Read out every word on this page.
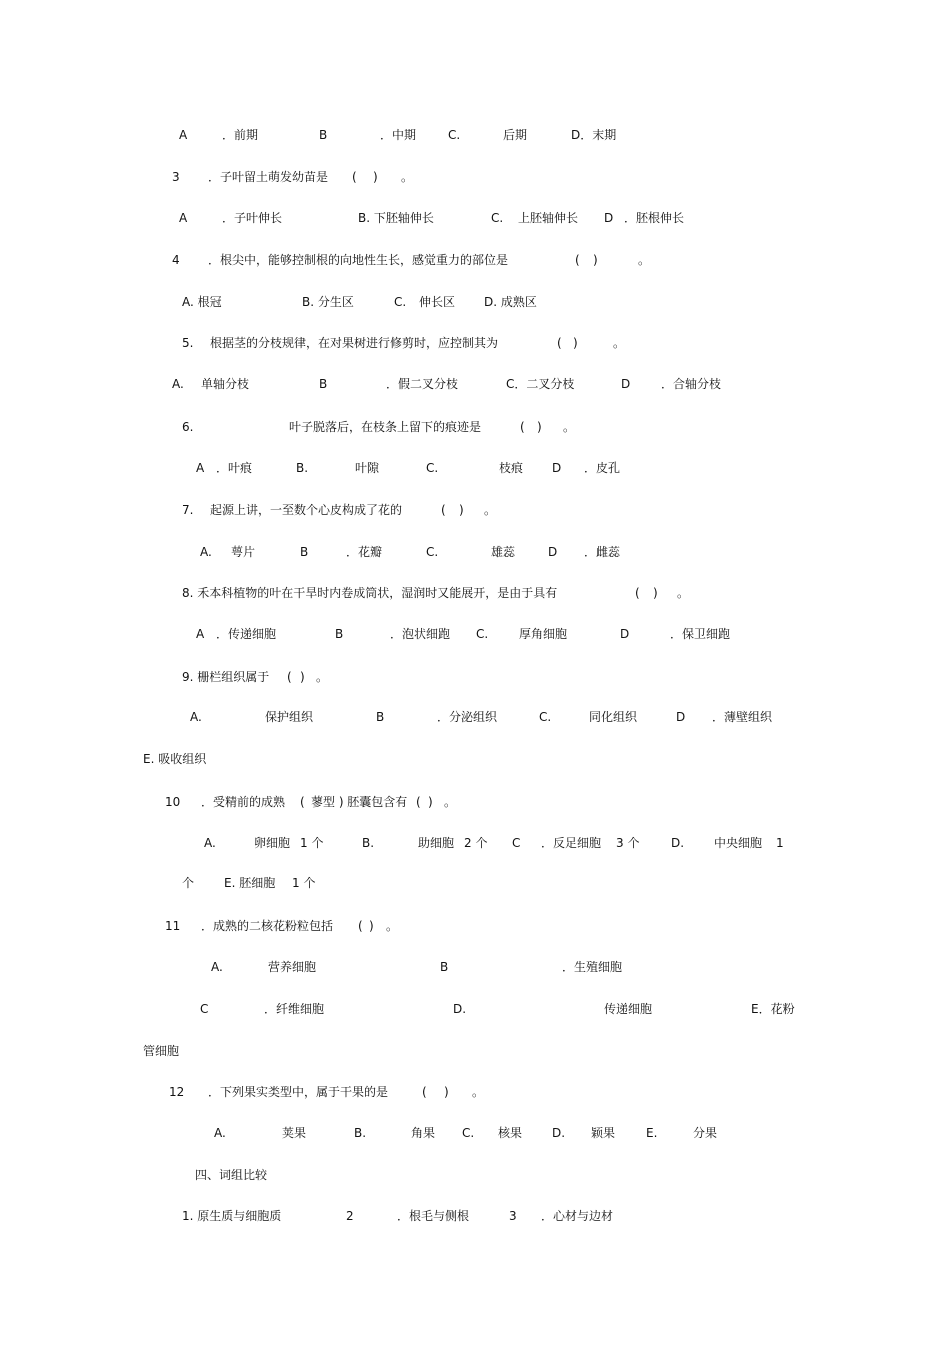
A	．前期	B	．中期	C.	后期	D．末期
3 ．子叶留土萌发幼苗是 ( ) 。
A	．子叶伸长	B. 下胚轴伸长	C. 上胚轴伸长 D ．胚根伸长
4 ．根尖中，能够控制根的向地性生长，感觉重力的部位是	( )	。
A. 根冠	B. 分生区	C. 伸长区 D. 成熟区
5. 根据茎的分枝规律，在对果树进行修剪时，应控制其为	( )	。
A. 单轴分枝	B	．假二叉分枝	C．二叉分枝	D	．合轴分枝
6.	叶子脱落后，在枝条上留下的痕迹是	( ) 。
A ．叶痕	B.	叶隙	C.	枝痕 D ．皮孔
7. 起源上讲，一至数个心皮构成了花的	( ) 。
A. 萼片	B	．花瓣	C.	雄蕊	D ．雌蕊
8. 禾本科植物的叶在干旱时内卷成筒状，湿润时又能展开，是由于具有	( ) 。
A ．传递细胞	B	．泡状细跑 C.	厚角细胞	D	．保卫细跑
9. 栅栏组织属于 ( ) 。
A.	保护组织	B	．分泌组织	C.	同化组织	D ．薄壁组织
E. 吸收组织
10 ．受精前的成熟 ( 蓼型 ) 胚囊包含有 ( ) 。
A.	卵细胞 1 个	B.	助细胞 2 个 C ．反足细胞 3 个	D. 中央细胞 1
个 E. 胚细胞 1 个
11 ．成熟的二核花粉粒包括 ( ) 。
A.	营养细胞	B	．生殖细胞
C	．纤维细胞	D.	传递细胞	E．花粉
管细胞
12 ．下列果实类型中，属于干果的是	( ) 。
A.	荚果	B.	角果 C. 核果 D. 颖果	E.	分果
四、词组比较
1. 原生质与细胞质	2	．根毛与侧根	3 ．心材与边材
